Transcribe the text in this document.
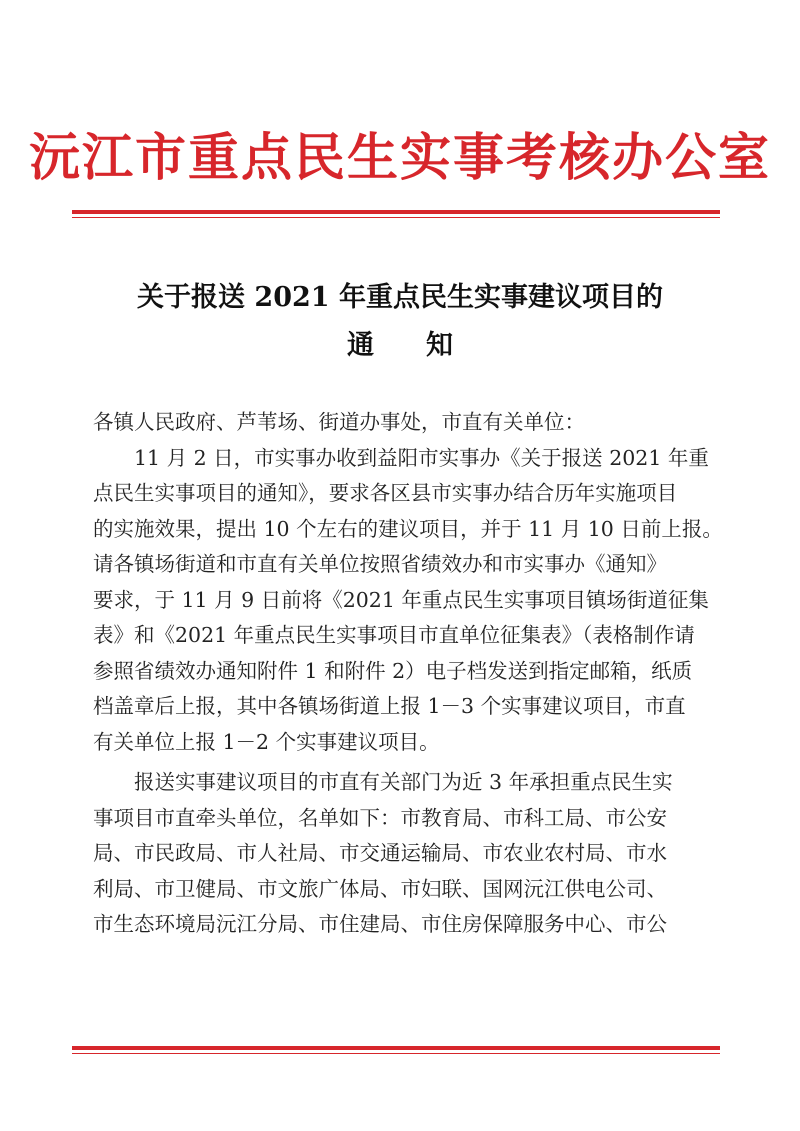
沅江市重点民生实事考核办公室
关于报送 2021 年重点民生实事建议项目的
通知
各镇人民政府、芦苇场、街道办事处，市直有关单位：
11 月 2 日，市实事办收到益阳市实事办《关于报送 2021 年重
点民生实事项目的通知》，要求各区县市实事办结合历年实施项目
的实施效果，提出 10 个左右的建议项目，并于 11 月 10 日前上报。
请各镇场街道和市直有关单位按照省绩效办和市实事办《通知》
要求，于 11 月 9 日前将《2021 年重点民生实事项目镇场街道征集
表》和《2021 年重点民生实事项目市直单位征集表》（表格制作请
参照省绩效办通知附件 1 和附件 2）电子档发送到指定邮箱，纸质
档盖章后上报，其中各镇场街道上报 1－3 个实事建议项目，市直
有关单位上报 1－2 个实事建议项目。
报送实事建议项目的市直有关部门为近 3 年承担重点民生实
事项目市直牵头单位，名单如下：市教育局、市科工局、市公安
局、市民政局、市人社局、市交通运输局、市农业农村局、市水
利局、市卫健局、市文旅广体局、市妇联、国网沅江供电公司、
市生态环境局沅江分局、市住建局、市住房保障服务中心、市公
